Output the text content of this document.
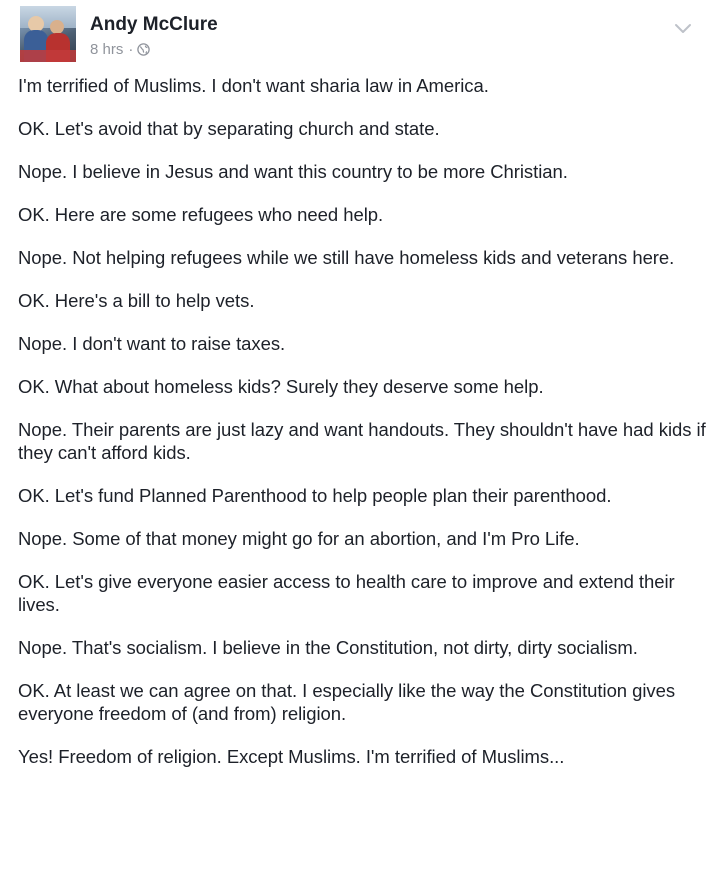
Andy McClure
8 hrs ·

I'm terrified of Muslims. I don't want sharia law in America.

OK. Let's avoid that by separating church and state.

Nope. I believe in Jesus and want this country to be more Christian.

OK. Here are some refugees who need help.

Nope. Not helping refugees while we still have homeless kids and veterans here.

OK. Here's a bill to help vets.

Nope. I don't want to raise taxes.

OK. What about homeless kids? Surely they deserve some help.

Nope. Their parents are just lazy and want handouts. They shouldn't have had kids if they can't afford kids.

OK. Let's fund Planned Parenthood to help people plan their parenthood.

Nope. Some of that money might go for an abortion, and I'm Pro Life.

OK. Let's give everyone easier access to health care to improve and extend their lives.

Nope. That's socialism. I believe in the Constitution, not dirty, dirty socialism.

OK. At least we can agree on that. I especially like the way the Constitution gives everyone freedom of (and from) religion.

Yes! Freedom of religion. Except Muslims. I'm terrified of Muslims...
